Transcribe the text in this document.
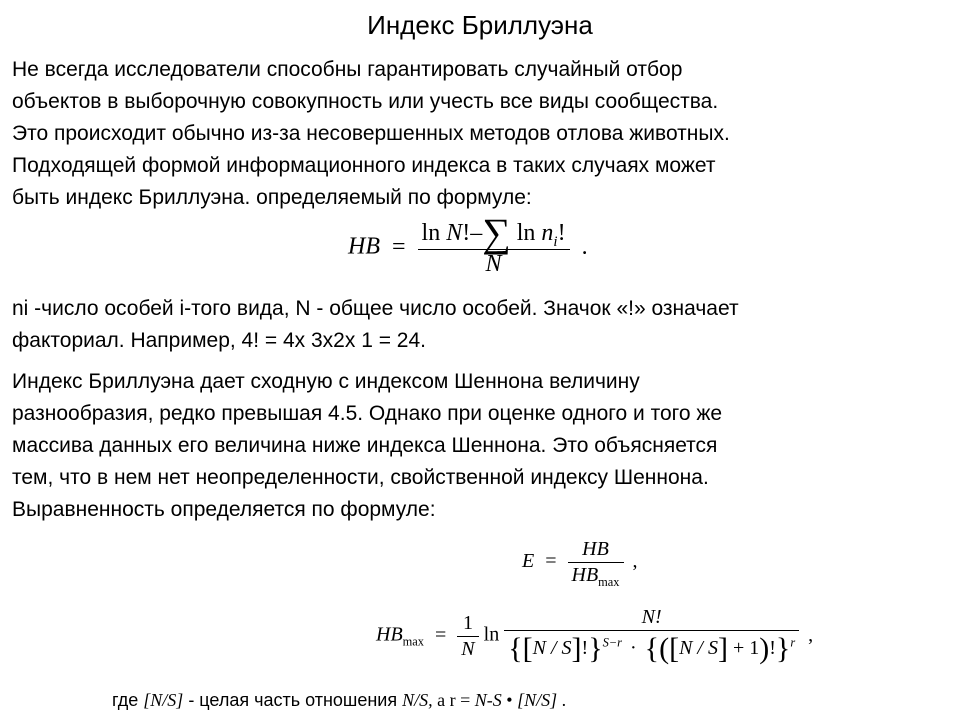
Индекс Бриллуэна
Не всегда исследователи способны гарантировать случайный отбор
объектов в выборочную совокупность или учесть все виды сообщества.
Это происходит обычно из-за несовершенных методов отлова животных.
Подходящей формой информационного индекса в таких случаях может
быть индекс Бриллуэна. определяемый по формуле:
HB = $\frac{\ln N!-\sum \ln n_i!}{N}$ .
ni -число особей i-того вида, N - общее число особей. Значок «!» означает
факториал. Например, 4! = 4x 3x2x 1 = 24.
Индекс Бриллуэна дает сходную с индексом Шеннона величину
разнообразия, редко превышая 4.5. Однако при оценке одного и того же
массива данных его величина ниже индекса Шеннона. Это объясняется
тем, что в нем нет неопределенности, свойственной индексу Шеннона.
Выравненность определяется по формуле:
$E = \frac{HB}{HB_{max}}$ ,
$HB_{max} = \frac{1}{N}$ $\ln \frac{N!}{\{[N / S]!\}^{S-r} \cdot \{([N / S] + 1)!\}^r}$ ,
где [N/S] - целая часть отношения N/S, а r = N-S • [N/S] .
